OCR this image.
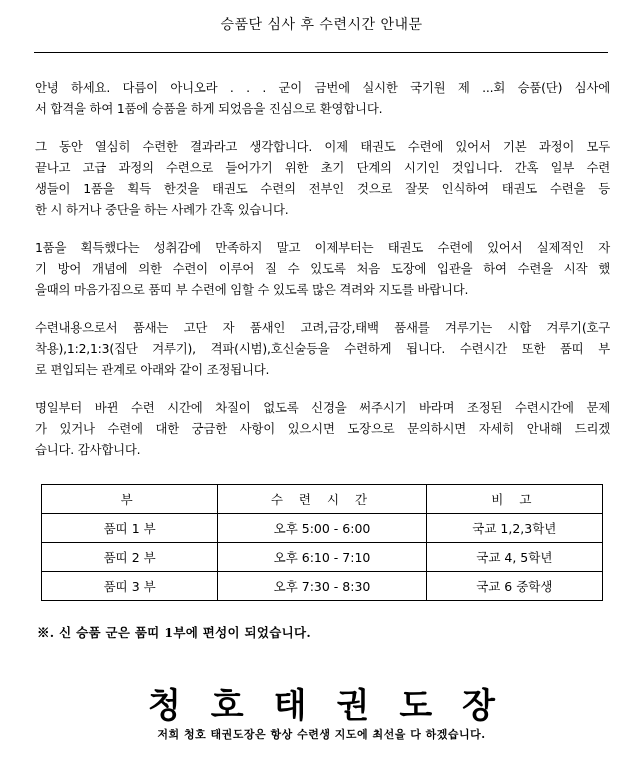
승품단 심사 후 수련시간 안내문
안녕 하세요. 다름이 아니오라 . . . 군이 금번에 실시한 국기원 제 ...회 승품(단) 심사에
서 합격을 하여 1품에 승품을 하게 되었음을 진심으로 환영합니다.
그 동안 열심히 수련한 결과라고 생각합니다. 이제 태권도 수련에 있어서 기본 과정이 모두
끝나고 고급 과정의 수련으로 들어가기 위한 초기 단계의 시기인 것입니다. 간혹 일부 수련
생들이 1품을 획득 한것을 태권도 수련의 전부인 것으로 잘못 인식하여 태권도 수련을 등
한 시 하거나 중단을 하는 사례가 간혹 있습니다.
1품을 획득했다는 성취감에 만족하지 말고 이제부터는 태권도 수련에 있어서 실제적인 자
기 방어 개념에 의한 수련이 이루어 질 수 있도록 처음 도장에 입관을 하여 수련을 시작 했
을때의 마음가짐으로 품띠 부 수련에 임할 수 있도록 많은 격려와 지도를 바랍니다.
수련내용으로서 품새는 고단 자 품새인 고려,금강,태백 품새를 겨루기는 시합 겨루기(호구
착용),1:2,1:3(집단 겨루기), 격파(시범),호신술등을 수련하게 됩니다. 수련시간 또한 품띠 부
로 편입되는 관계로 아래와 같이 조정됩니다.
명일부터 바뀐 수련 시간에 차질이 없도록 신경을 써주시기 바라며 조정된 수련시간에 문제
가 있거나 수련에 대한 궁금한 사항이 있으시면 도장으로 문의하시면 자세히 안내해 드리겠
습니다. 감사합니다.
부	수 련 시 간	비 고
품띠 1 부	오후 5:00 - 6:00	국교 1,2,3학년
품띠 2 부	오후 6:10 - 7:10	국교 4, 5학년
품띠 3 부	오후 7:30 - 8:30	국교 6 중학생
※. 신 승품 군은 품띠 1부에 편성이 되었습니다.
청호태권도장
저희 청호 태권도장은 항상 수련생 지도에 최선을 다 하겠습니다.
